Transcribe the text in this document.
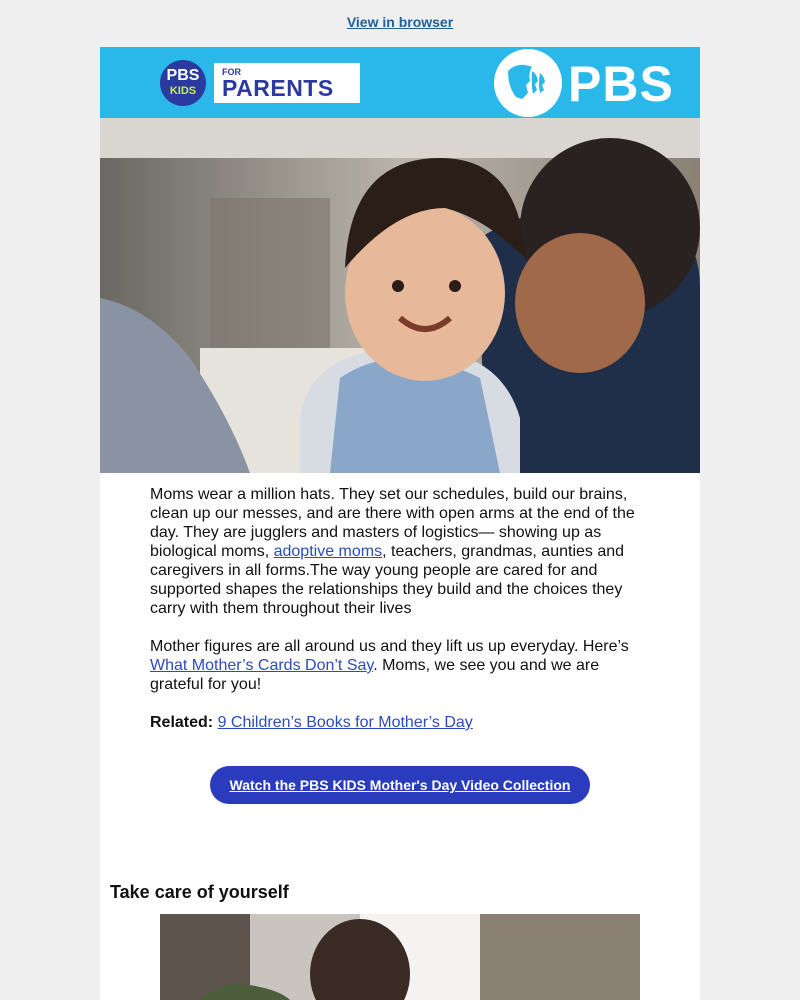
View in browser
PBS
KIDS
FOR
PARENTS	PBS

Moms wear a million hats. They set our schedules, build our brains, clean up our messes, and are there with open arms at the end of the day. They are jugglers and masters of logistics— showing up as biological moms, adoptive moms, teachers, grandmas, aunties and caregivers in all forms.The way young people are cared for and supported shapes the relationships they build and the choices they carry with them throughout their lives

Mother figures are all around us and they lift us up everyday. Here’s What Mother’s Cards Don’t Say. Moms, we see you and we are grateful for you!

Related: 9 Children’s Books for Mother’s Day

Watch the PBS KIDS Mother's Day Video Collection
Take care of yourself
